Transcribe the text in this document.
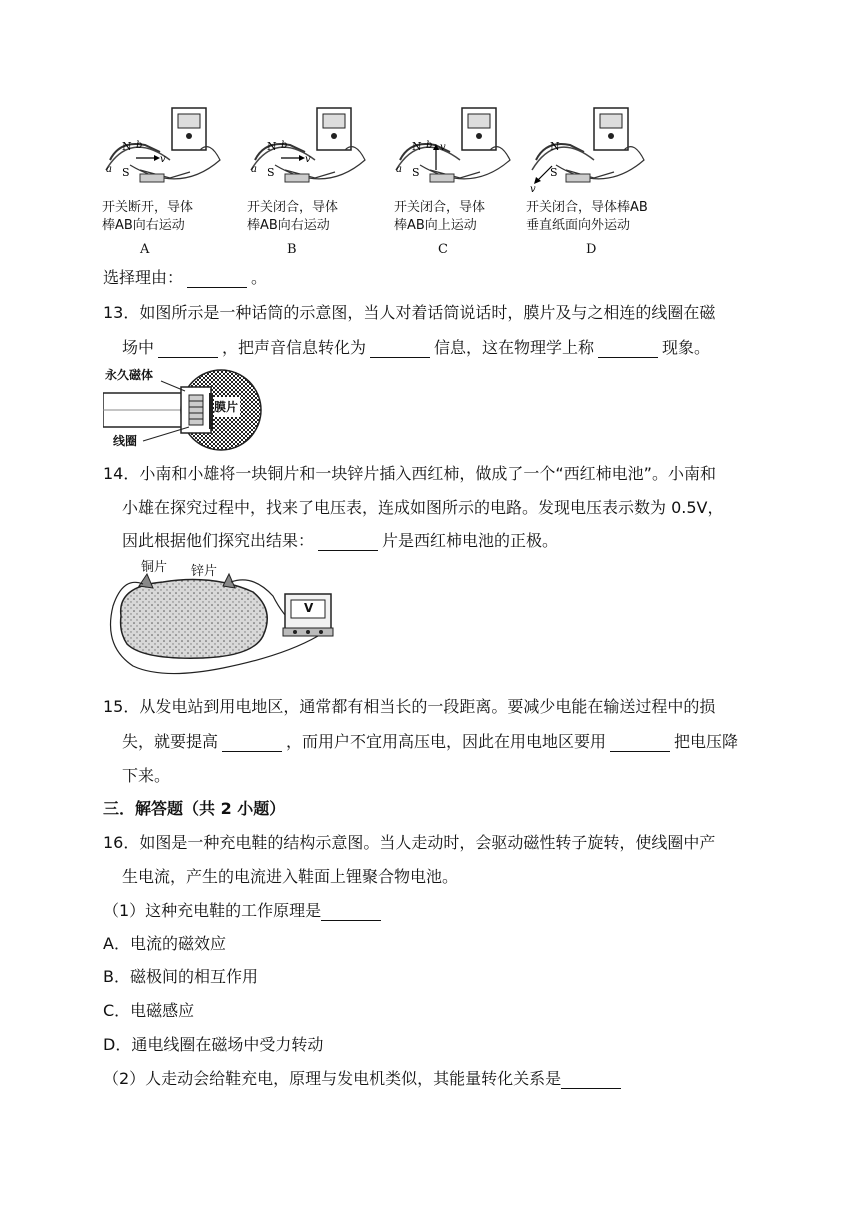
N
S
a
b
v
开关断开，导体
棒AB向右运动
A
N
S
a
b
v
开关闭合，导体
棒AB向右运动
B
N
S
a
b v
开关闭合，导体
棒AB向上运动
C
N
S
v
开关闭合，导体棒AB
垂直纸面向外运动
D
选择理由：	。
13．如图所示是一种话筒的示意图，当人对着话筒说话时，膜片及与之相连的线圈在磁
场中	，把声音信息转化为	信息，这在物理学上称	现象。
永久磁体
膜片
线圈
14．小南和小雄将一块铜片和一块锌片插入西红柿，做成了一个“西红柿电池”。小南和
小雄在探究过程中，找来了电压表，连成如图所示的电路。发现电压表示数为 0.5V，
因此根据他们探究出结果：	片是西红柿电池的正极。
铜片 锌片
V
15．从发电站到用电地区，通常都有相当长的一段距离。要减少电能在输送过程中的损
失，就要提高	，而用户不宜用高压电，因此在用电地区要用	把电压降
下来。
三．解答题（共 2 小题）
16．如图是一种充电鞋的结构示意图。当人走动时，会驱动磁性转子旋转，使线圈中产
生电流，产生的电流进入鞋面上锂聚合物电池。
（1）这种充电鞋的工作原理是
A．电流的磁效应
B．磁极间的相互作用
C．电磁感应
D．通电线圈在磁场中受力转动
（2）人走动会给鞋充电，原理与发电机类似，其能量转化关系是
